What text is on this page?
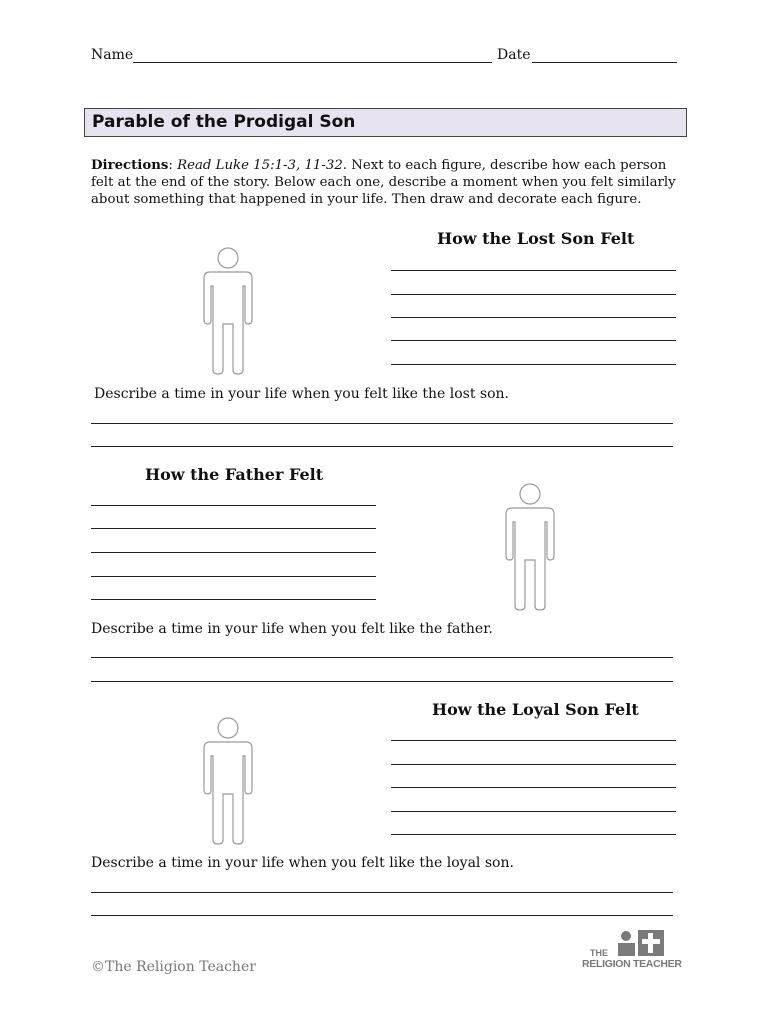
Name	Date
Parable of the Prodigal Son
Directions: Read Luke 15:1-3, 11-32. Next to each figure, describe how each person felt at the end of the story. Below each one, describe a moment when you felt similarly about something that happened in your life. Then draw and decorate each figure.
How the Lost Son Felt
Describe a time in your life when you felt like the lost son.
How the Father Felt
Describe a time in your life when you felt like the father.
How the Loyal Son Felt
Describe a time in your life when you felt like the loyal son.
©The Religion Teacher
THE
RELIGION TEACHER
